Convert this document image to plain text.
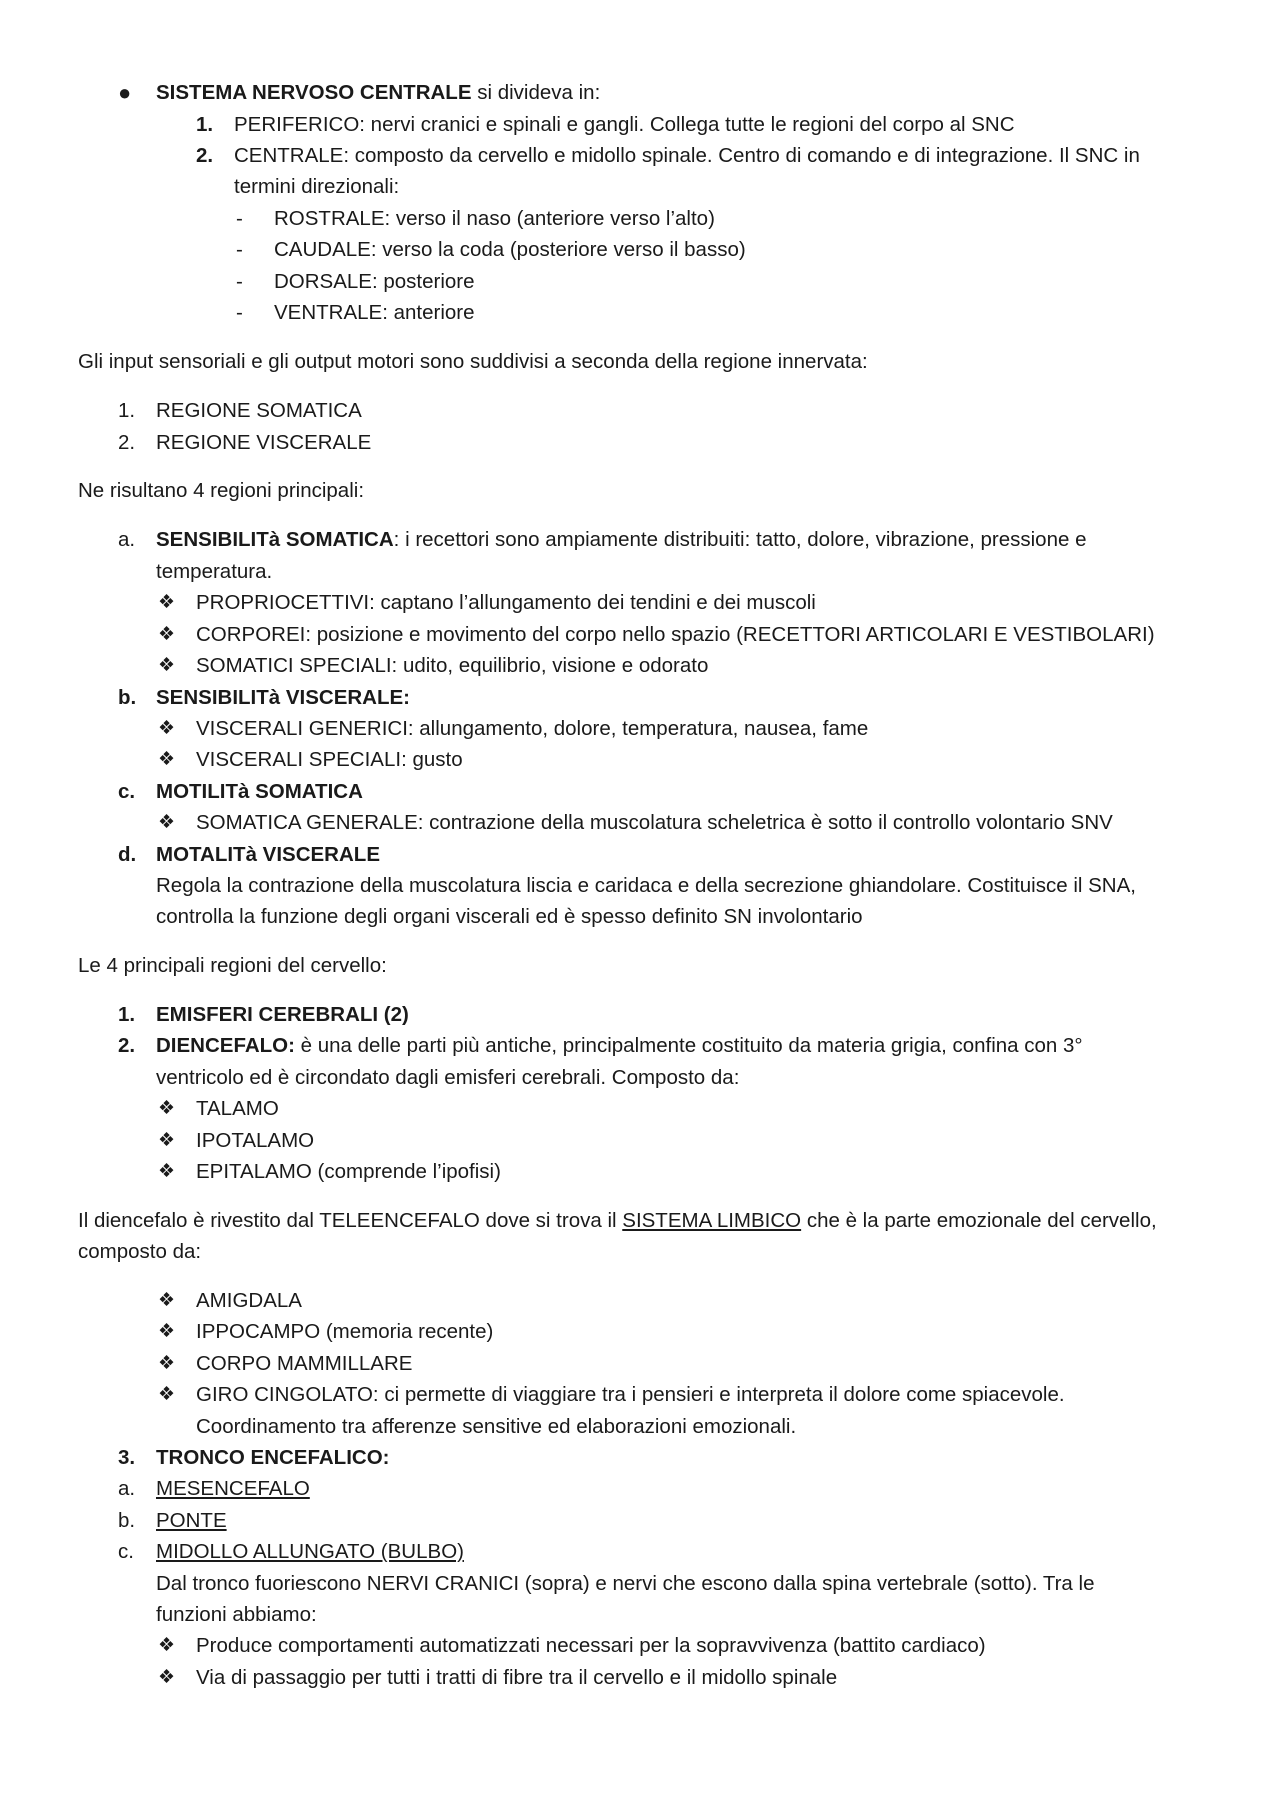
● SISTEMA NERVOSO CENTRALE si divideva in:
1. PERIFERICO: nervi cranici e spinali e gangli. Collega tutte le regioni del corpo al SNC
2. CENTRALE: composto da cervello e midollo spinale. Centro di comando e di integrazione. Il SNC in
termini direzionali:
- ROSTRALE: verso il naso (anteriore verso l’alto)
- CAUDALE: verso la coda (posteriore verso il basso)
- DORSALE: posteriore
- VENTRALE: anteriore
Gli input sensoriali e gli output motori sono suddivisi a seconda della regione innervata:
1. REGIONE SOMATICA
2. REGIONE VISCERALE
Ne risultano 4 regioni principali:
a. SENSIBILITà SOMATICA: i recettori sono ampiamente distribuiti: tatto, dolore, vibrazione, pressione e
temperatura.
❖ PROPRIOCETTIVI: captano l’allungamento dei tendini e dei muscoli
❖ CORPOREI: posizione e movimento del corpo nello spazio (RECETTORI ARTICOLARI E VESTIBOLARI)
❖ SOMATICI SPECIALI: udito, equilibrio, visione e odorato
b. SENSIBILITà VISCERALE:
❖ VISCERALI GENERICI: allungamento, dolore, temperatura, nausea, fame
❖ VISCERALI SPECIALI: gusto
c. MOTILITà SOMATICA
❖ SOMATICA GENERALE: contrazione della muscolatura scheletrica è sotto il controllo volontario SNV
d. MOTALITà VISCERALE
Regola la contrazione della muscolatura liscia e caridaca e della secrezione ghiandolare. Costituisce il SNA,
controlla la funzione degli organi viscerali ed è spesso definito SN involontario
Le 4 principali regioni del cervello:
1. EMISFERI CEREBRALI (2)
2. DIENCEFALO: è una delle parti più antiche, principalmente costituito da materia grigia, confina con 3°
ventricolo ed è circondato dagli emisferi cerebrali. Composto da:
❖ TALAMO
❖ IPOTALAMO
❖ EPITALAMO (comprende l’ipofisi)
Il diencefalo è rivestito dal TELEENCEFALO dove si trova il SISTEMA LIMBICO che è la parte emozionale del cervello,
composto da:
❖ AMIGDALA
❖ IPPOCAMPO (memoria recente)
❖ CORPO MAMMILLARE
❖ GIRO CINGOLATO: ci permette di viaggiare tra i pensieri e interpreta il dolore come spiacevole.
Coordinamento tra afferenze sensitive ed elaborazioni emozionali.
3. TRONCO ENCEFALICO:
a. MESENCEFALO
b. PONTE
c. MIDOLLO ALLUNGATO (BULBO)
Dal tronco fuoriescono NERVI CRANICI (sopra) e nervi che escono dalla spina vertebrale (sotto). Tra le
funzioni abbiamo:
❖ Produce comportamenti automatizzati necessari per la sopravvivenza (battito cardiaco)
❖ Via di passaggio per tutti i tratti di fibre tra il cervello e il midollo spinale
